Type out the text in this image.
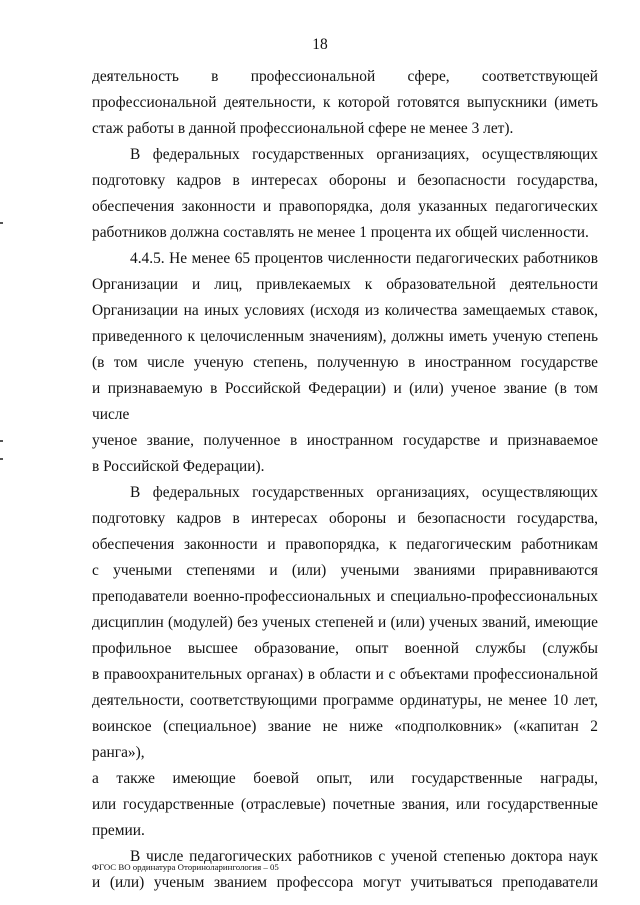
18
деятельность в профессиональной сфере, соответствующей
профессиональной деятельности, к которой готовятся выпускники (иметь
стаж работы в данной профессиональной сфере не менее 3 лет).
В федеральных государственных организациях, осуществляющих
подготовку кадров в интересах обороны и безопасности государства,
обеспечения законности и правопорядка, доля указанных педагогических
работников должна составлять не менее 1 процента их общей численности.
4.4.5. Не менее 65 процентов численности педагогических работников
Организации и лиц, привлекаемых к образовательной деятельности
Организации на иных условиях (исходя из количества замещаемых ставок,
приведенного к целочисленным значениям), должны иметь ученую степень
(в том числе ученую степень, полученную в иностранном государстве
и признаваемую в Российской Федерации) и (или) ученое звание (в том числе
ученое звание, полученное в иностранном государстве и признаваемое
в Российской Федерации).
В федеральных государственных организациях, осуществляющих
подготовку кадров в интересах обороны и безопасности государства,
обеспечения законности и правопорядка, к педагогическим работникам
с учеными степенями и (или) учеными званиями приравниваются
преподаватели военно-профессиональных и специально-профессиональных
дисциплин (модулей) без ученых степеней и (или) ученых званий, имеющие
профильное высшее образование, опыт военной службы (службы
в правоохранительных органах) в области и с объектами профессиональной
деятельности, соответствующими программе ординатуры, не менее 10 лет,
воинское (специальное) звание не ниже «подполковник» («капитан 2 ранга»),
а также имеющие боевой опыт, или государственные награды,
или государственные (отраслевые) почетные звания, или государственные
премии.
В числе педагогических работников с ученой степенью доктора наук
и (или) ученым званием профессора могут учитываться преподаватели
ФГОС ВО ординатура Оториноларингология – 05
